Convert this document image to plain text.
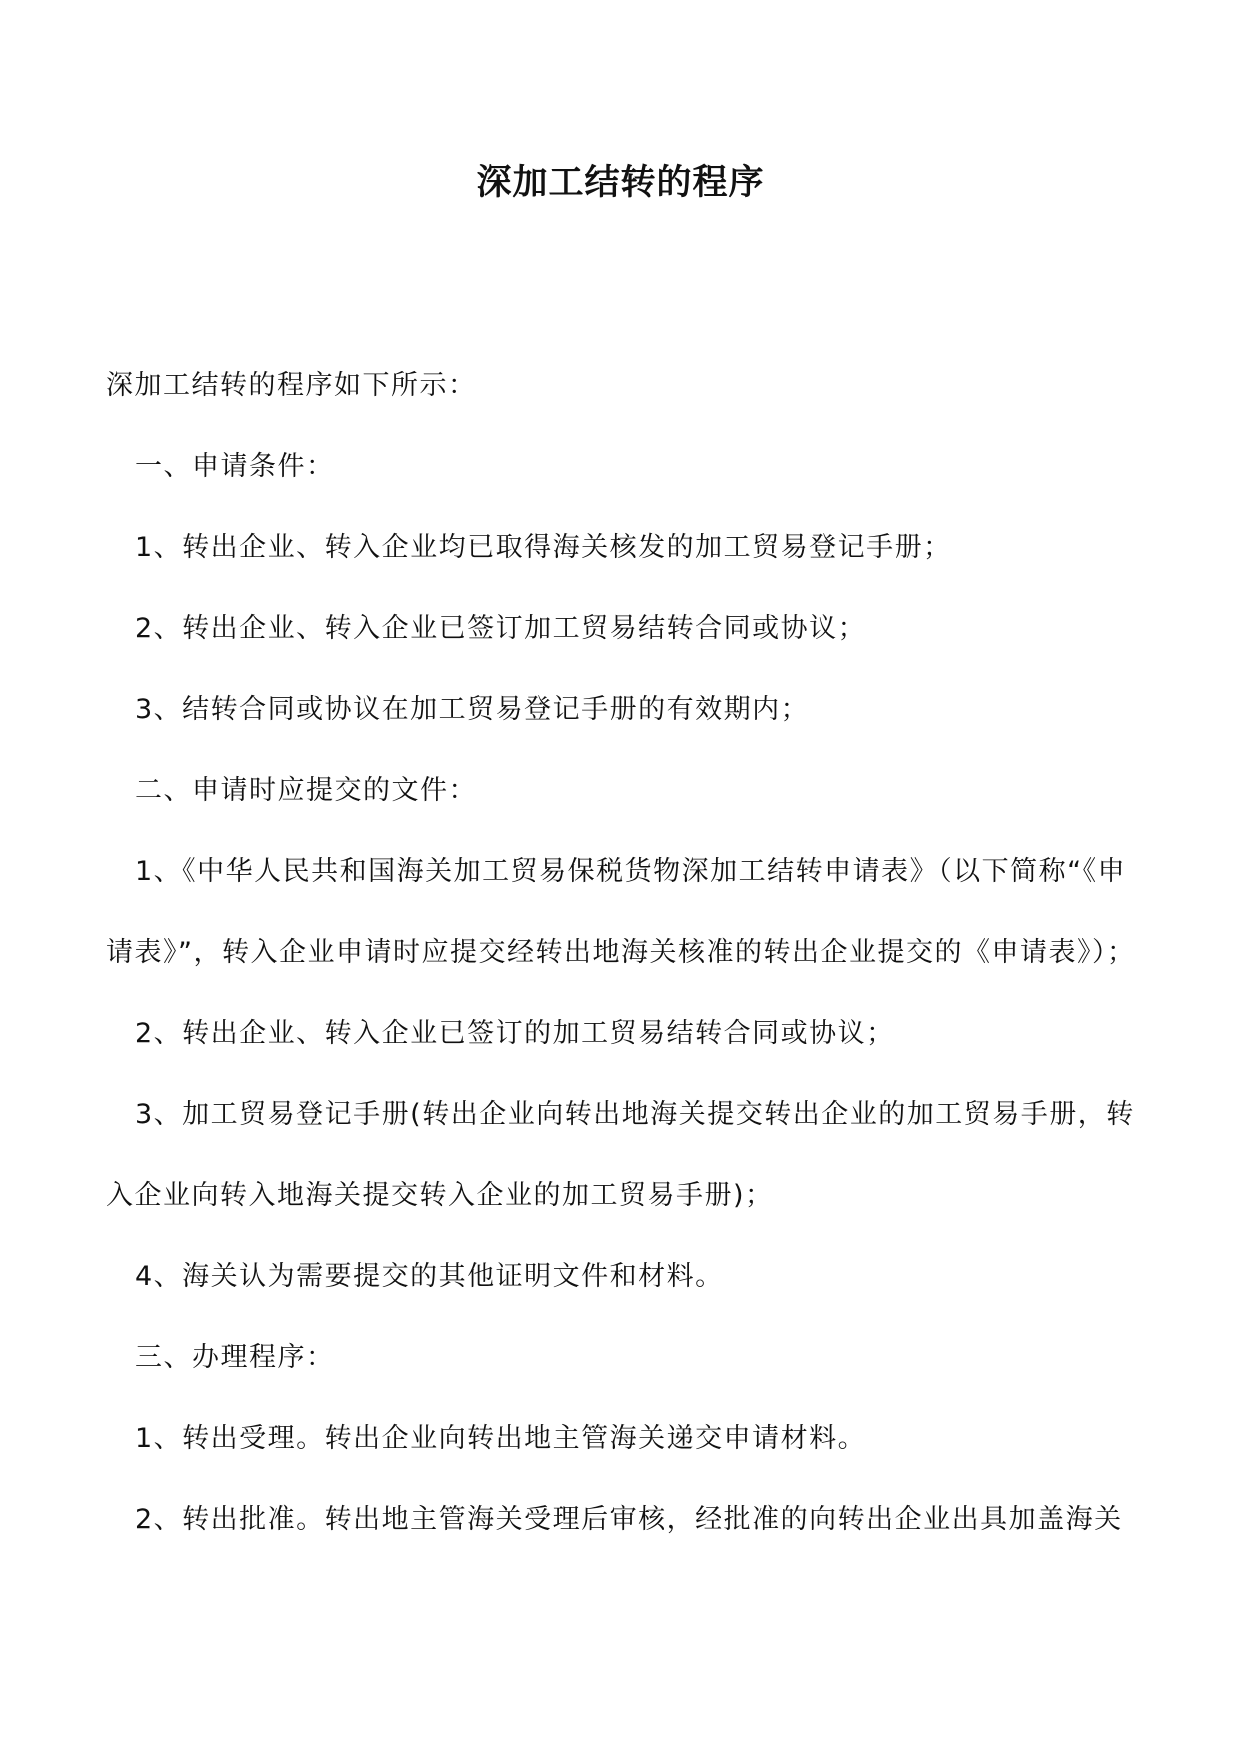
深加工结转的程序

深加工结转的程序如下所示：

一、申请条件：

1、转出企业、转入企业均已取得海关核发的加工贸易登记手册；

2、转出企业、转入企业已签订加工贸易结转合同或协议；

3、结转合同或协议在加工贸易登记手册的有效期内；

二、申请时应提交的文件：

1、《中华人民共和国海关加工贸易保税货物深加工结转申请表》（以下简称“《申请表》”，转入企业申请时应提交经转出地海关核准的转出企业提交的《申请表》）；

2、转出企业、转入企业已签订的加工贸易结转合同或协议；

3、加工贸易登记手册(转出企业向转出地海关提交转出企业的加工贸易手册，转入企业向转入地海关提交转入企业的加工贸易手册)；

4、海关认为需要提交的其他证明文件和材料。

三、办理程序：

1、转出受理。转出企业向转出地主管海关递交申请材料。

2、转出批准。转出地主管海关受理后审核，经批准的向转出企业出具加盖海关
